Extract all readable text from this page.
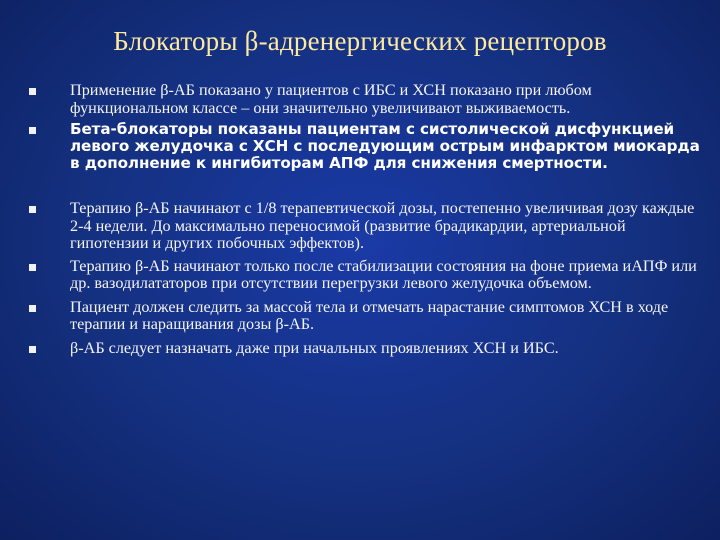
Блокаторы β-адренергических рецепторов
Применение β-АБ показано у пациентов с ИБС и ХСН показано при любом функциональном классе – они значительно увеличивают выживаемость.
Бета-блокаторы показаны пациентам с систолической дисфункцией левого желудочка с ХСН с последующим острым инфарктом миокарда в дополнение к ингибиторам АПФ для снижения смертности.
Терапию β-АБ начинают с 1/8 терапевтической дозы, постепенно увеличивая дозу каждые 2-4 недели. До максимально переносимой (развитие брадикардии, артериальной гипотензии и других побочных эффектов).
Терапию β-АБ начинают только после стабилизации состояния на фоне приема иАПФ или др. вазодилататоров при отсутствии перегрузки левого желудочка объемом.
Пациент должен следить за массой тела и отмечать нарастание симптомов ХСН в ходе терапии и наращивания дозы β-АБ.
β-АБ следует назначать даже при начальных проявлениях ХСН и ИБС.
